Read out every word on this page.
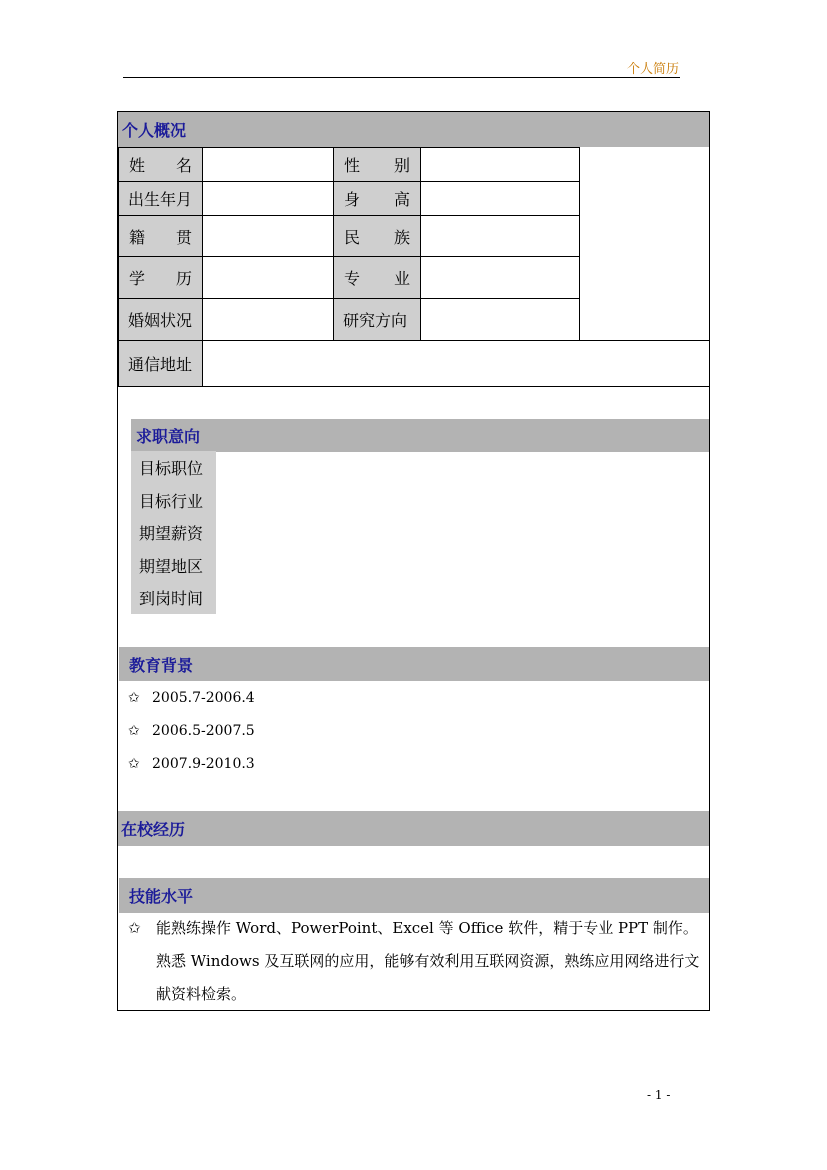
个人简历
个人概况
姓 名	性 别
出生年月	身 高
籍 贯	民 族
学 历	专 业
婚姻状况	研究方向
通信地址
求职意向
目标职位
目标行业
期望薪资
期望地区
到岗时间
教育背景
✩ 2005.7-2006.4
✩ 2006.5-2007.5
✩ 2007.9-2010.3
在校经历
技能水平
✩	能熟练操作 Word、PowerPoint、Excel 等 Office 软件，精于专业 PPT 制作。熟悉 Windows 及互联网的应用，能够有效利用互联网资源，熟练应用网络进行文献资料检索。
- 1 -
